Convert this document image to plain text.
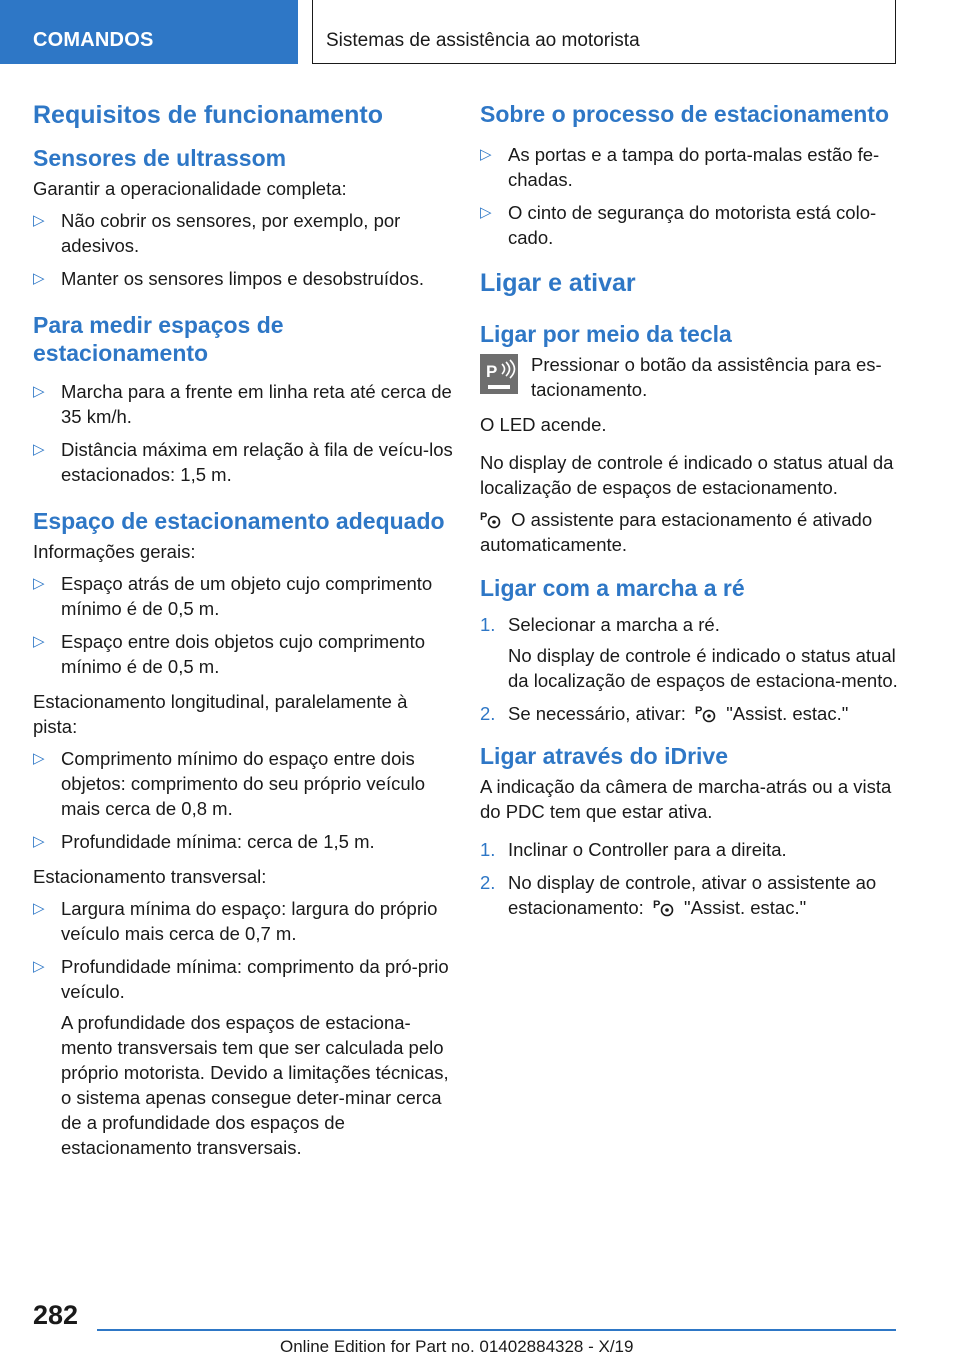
COMANDOS	Sistemas de assistência ao motorista
Requisitos de funcionamento
Sensores de ultrassom

Garantir a operacionalidade completa:

▷ Não cobrir os sensores, por exemplo, por adesivos.
▷ Manter os sensores limpos e desobstruídos.
Para medir espaços de estacionamento
▷ Marcha para a frente em linha reta até cerca de 35 km/h.
▷ Distância máxima em relação à fila de veícu-los estacionados: 1,5 m.
Espaço de estacionamento adequado

Informações gerais:

▷ Espaço atrás de um objeto cujo comprimento mínimo é de 0,5 m.
▷ Espaço entre dois objetos cujo comprimento mínimo é de 0,5 m.

Estacionamento longitudinal, paralelamente à pista:

▷ Comprimento mínimo do espaço entre dois objetos: comprimento do seu próprio veículo mais cerca de 0,8 m.
▷ Profundidade mínima: cerca de 1,5 m.

Estacionamento transversal:

▷ Largura mínima do espaço: largura do próprio veículo mais cerca de 0,7 m.
▷ Profundidade mínima: comprimento da pró-prio veículo.
A profundidade dos espaços de estaciona-mento transversais tem que ser calculada pelo próprio motorista. Devido a limitações técnicas, o sistema apenas consegue deter-minar cerca de a profundidade dos espaços de estacionamento transversais.
Sobre o processo de estacionamento
▷ As portas e a tampa do porta-malas estão fe-chadas.
▷ O cinto de segurança do motorista está colo-cado.
Ligar e ativar
Ligar por meio da tecla
P Pressionar o botão da assistência para es-tacionamento.

O LED acende.

No display de controle é indicado o status atual da localização de espaços de estacionamento.

P O assistente para estacionamento é ativado automaticamente.

Ligar com a marcha a ré
1. Selecionar a marcha a ré.
No display de controle é indicado o status atual da localização de espaços de estaciona-mento.
2. Se necessário, ativar: P "Assist. estac."
Ligar através do iDrive

A indicação da câmera de marcha-atrás ou a vista do PDC tem que estar ativa.

1. Inclinar o Controller para a direita.
2. No display de controle, ativar o assistente ao estacionamento: P "Assist. estac."
282
Online Edition for Part no. 01402884328 - X/19
